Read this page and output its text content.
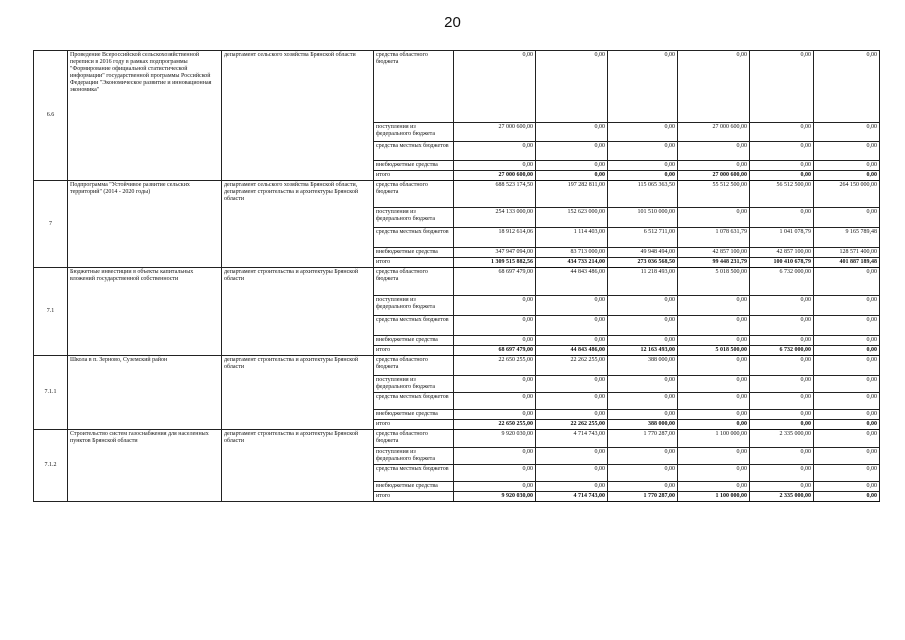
20
6.6	Проведение Всероссийской сельскохозяйственной переписи в 2016 году в рамках подпрограммы "Формирование официальной статистической информации" государственной программы Российской Федерации "Экономическое развитие и инновационная экономика"	департамент сельского хозяйства Брянской области	средства областного бюджета	0,00	0,00	0,00	0,00	0,00	0,00
			поступления из федерального бюджета	27 000 600,00	0,00	0,00	27 000 600,00	0,00	0,00
			средства местных бюджетов	0,00	0,00	0,00	0,00	0,00	0,00
			внебюджетные средства	0,00	0,00	0,00	0,00	0,00	0,00
			итого	27 000 600,00	0,00	0,00	27 000 600,00	0,00	0,00
7	Подпрограмма "Устойчивое развитие сельских территорий" (2014 - 2020 годы)	департамент сельского хозяйства Брянской области, департамент строительства и архитектуры Брянской области	средства областного бюджета	688 523 174,50	197 282 811,00	115 065 363,50	55 512 500,00	56 512 500,00	264 150 000,00
			поступления из федерального бюджета	254 133 000,00	152 623 000,00	101 510 000,00	0,00	0,00	0,00
			средства местных бюджетов	18 912 614,06	1 114 403,00	6 512 711,00	1 078 631,79	1 041 078,79	9 165 789,48
			внебюджетные средства	347 947 094,00	83 713 000,00	49 948 494,00	42 857 100,00	42 857 100,00	128 571 400,00
			итого	1 309 515 882,56	434 733 214,00	273 036 568,50	99 448 231,79	100 410 678,79	401 887 189,48
7.1	Бюджетные инвестиции в объекты капитальных вложений государственной собственности	департамент строительства и архитектуры Брянской области	средства областного бюджета	68 697 479,00	44 843 486,00	11 218 493,00	5 018 500,00	6 732 000,00	0,00
			поступления из федерального бюджета	0,00	0,00	0,00	0,00	0,00	0,00
			средства местных бюджетов	0,00	0,00	0,00	0,00	0,00	0,00
			внебюджетные средства	0,00	0,00	0,00	0,00	0,00	0,00
			итого	68 697 479,00	44 843 486,00	12 163 493,00	5 018 500,00	6 732 000,00	0,00
7.1.1	Школа в п. Зерново, Суземский район	департамент строительства и архитектуры Брянской области	средства областного бюджета	22 650 255,00	22 262 255,00	388 000,00	0,00	0,00	0,00
			поступления из федерального бюджета	0,00	0,00	0,00	0,00	0,00	0,00
			средства местных бюджетов	0,00	0,00	0,00	0,00	0,00	0,00
			внебюджетные средства	0,00	0,00	0,00	0,00	0,00	0,00
			итого	22 650 255,00	22 262 255,00	388 000,00	0,00	0,00	0,00
7.1.2	Строительство систем газоснабжения для населенных пунктов Брянской области	департамент строительства и архитектуры Брянской области	средства областного бюджета	9 920 030,00	4 714 743,00	1 770 287,00	1 100 000,00	2 335 000,00	0,00
			поступления из федерального бюджета	0,00	0,00	0,00	0,00	0,00	0,00
			средства местных бюджетов	0,00	0,00	0,00	0,00	0,00	0,00
			внебюджетные средства	0,00	0,00	0,00	0,00	0,00	0,00
			итого	9 920 030,00	4 714 743,00	1 770 287,00	1 100 000,00	2 335 000,00	0,00
